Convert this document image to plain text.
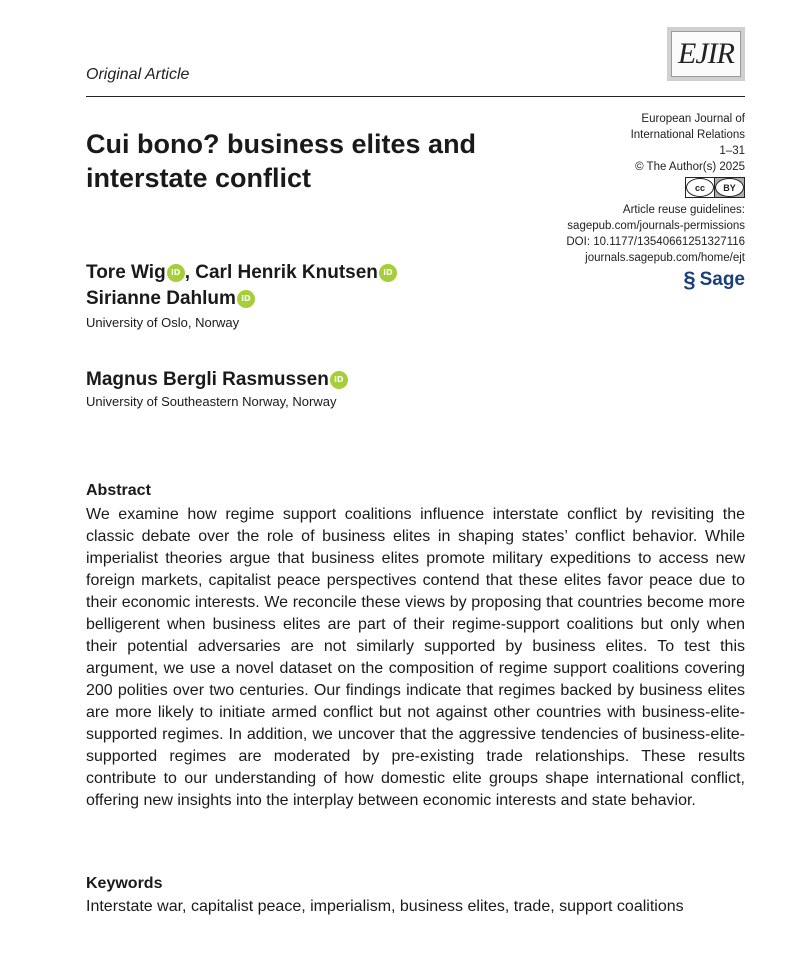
EJIR
Original Article
Cui bono? business elites and interstate conflict
European Journal of
International Relations
1–31
© The Author(s) 2025
cc	BY
Article reuse guidelines:
sagepub.com/journals-permissions
DOI: 10.1177/13540661251327116
journals.sagepub.com/home/ejt
§ Sage
Tore Wig iD , Carl Henrik Knutsen iD
Sirianne Dahlum iD
University of Oslo, Norway
Magnus Bergli Rasmussen iD
University of Southeastern Norway, Norway
Abstract
We examine how regime support coalitions influence interstate conflict by revisiting the classic debate over the role of business elites in shaping states’ conflict behavior. While imperialist theories argue that business elites promote military expeditions to access new foreign markets, capitalist peace perspectives contend that these elites favor peace due to their economic interests. We reconcile these views by proposing that countries become more belligerent when business elites are part of their regime-support coalitions but only when their potential adversaries are not similarly supported by business elites. To test this argument, we use a novel dataset on the composition of regime support coalitions covering 200 polities over two centuries. Our findings indicate that regimes backed by business elites are more likely to initiate armed conflict but not against other countries with business-elite-supported regimes. In addition, we uncover that the aggressive tendencies of business-elite-supported regimes are moderated by pre-existing trade relationships. These results contribute to our understanding of how domestic elite groups shape international conflict, offering new insights into the interplay between economic interests and state behavior.
Keywords
Interstate war, capitalist peace, imperialism, business elites, trade, support coalitions
